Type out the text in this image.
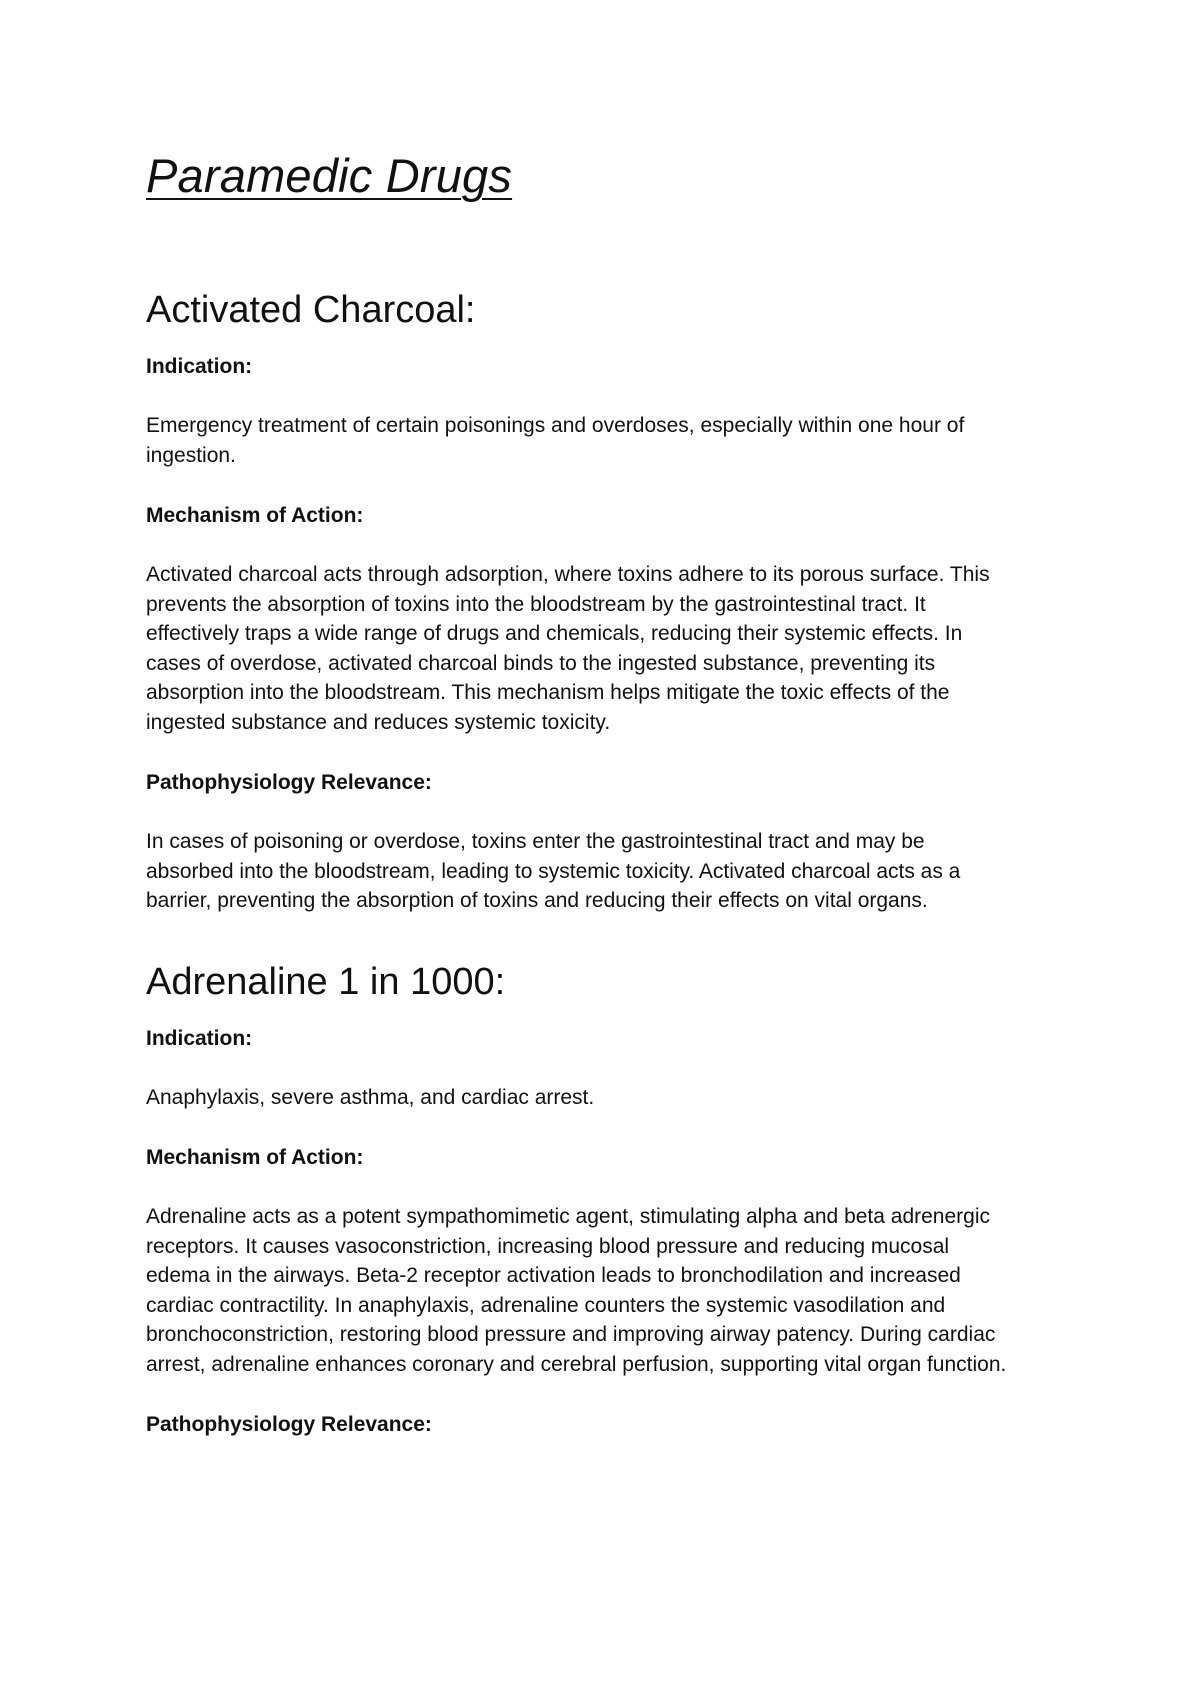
Paramedic Drugs
Activated Charcoal:
Indication:

Emergency treatment of certain poisonings and overdoses, especially within one hour of
ingestion.

Mechanism of Action:

Activated charcoal acts through adsorption, where toxins adhere to its porous surface. This
prevents the absorption of toxins into the bloodstream by the gastrointestinal tract. It
effectively traps a wide range of drugs and chemicals, reducing their systemic effects. In
cases of overdose, activated charcoal binds to the ingested substance, preventing its
absorption into the bloodstream. This mechanism helps mitigate the toxic effects of the
ingested substance and reduces systemic toxicity.

Pathophysiology Relevance:

In cases of poisoning or overdose, toxins enter the gastrointestinal tract and may be
absorbed into the bloodstream, leading to systemic toxicity. Activated charcoal acts as a
barrier, preventing the absorption of toxins and reducing their effects on vital organs.

Adrenaline 1 in 1000:
Indication:

Anaphylaxis, severe asthma, and cardiac arrest.

Mechanism of Action:

Adrenaline acts as a potent sympathomimetic agent, stimulating alpha and beta adrenergic
receptors. It causes vasoconstriction, increasing blood pressure and reducing mucosal
edema in the airways. Beta-2 receptor activation leads to bronchodilation and increased
cardiac contractility. In anaphylaxis, adrenaline counters the systemic vasodilation and
bronchoconstriction, restoring blood pressure and improving airway patency. During cardiac
arrest, adrenaline enhances coronary and cerebral perfusion, supporting vital organ function.

Pathophysiology Relevance:
